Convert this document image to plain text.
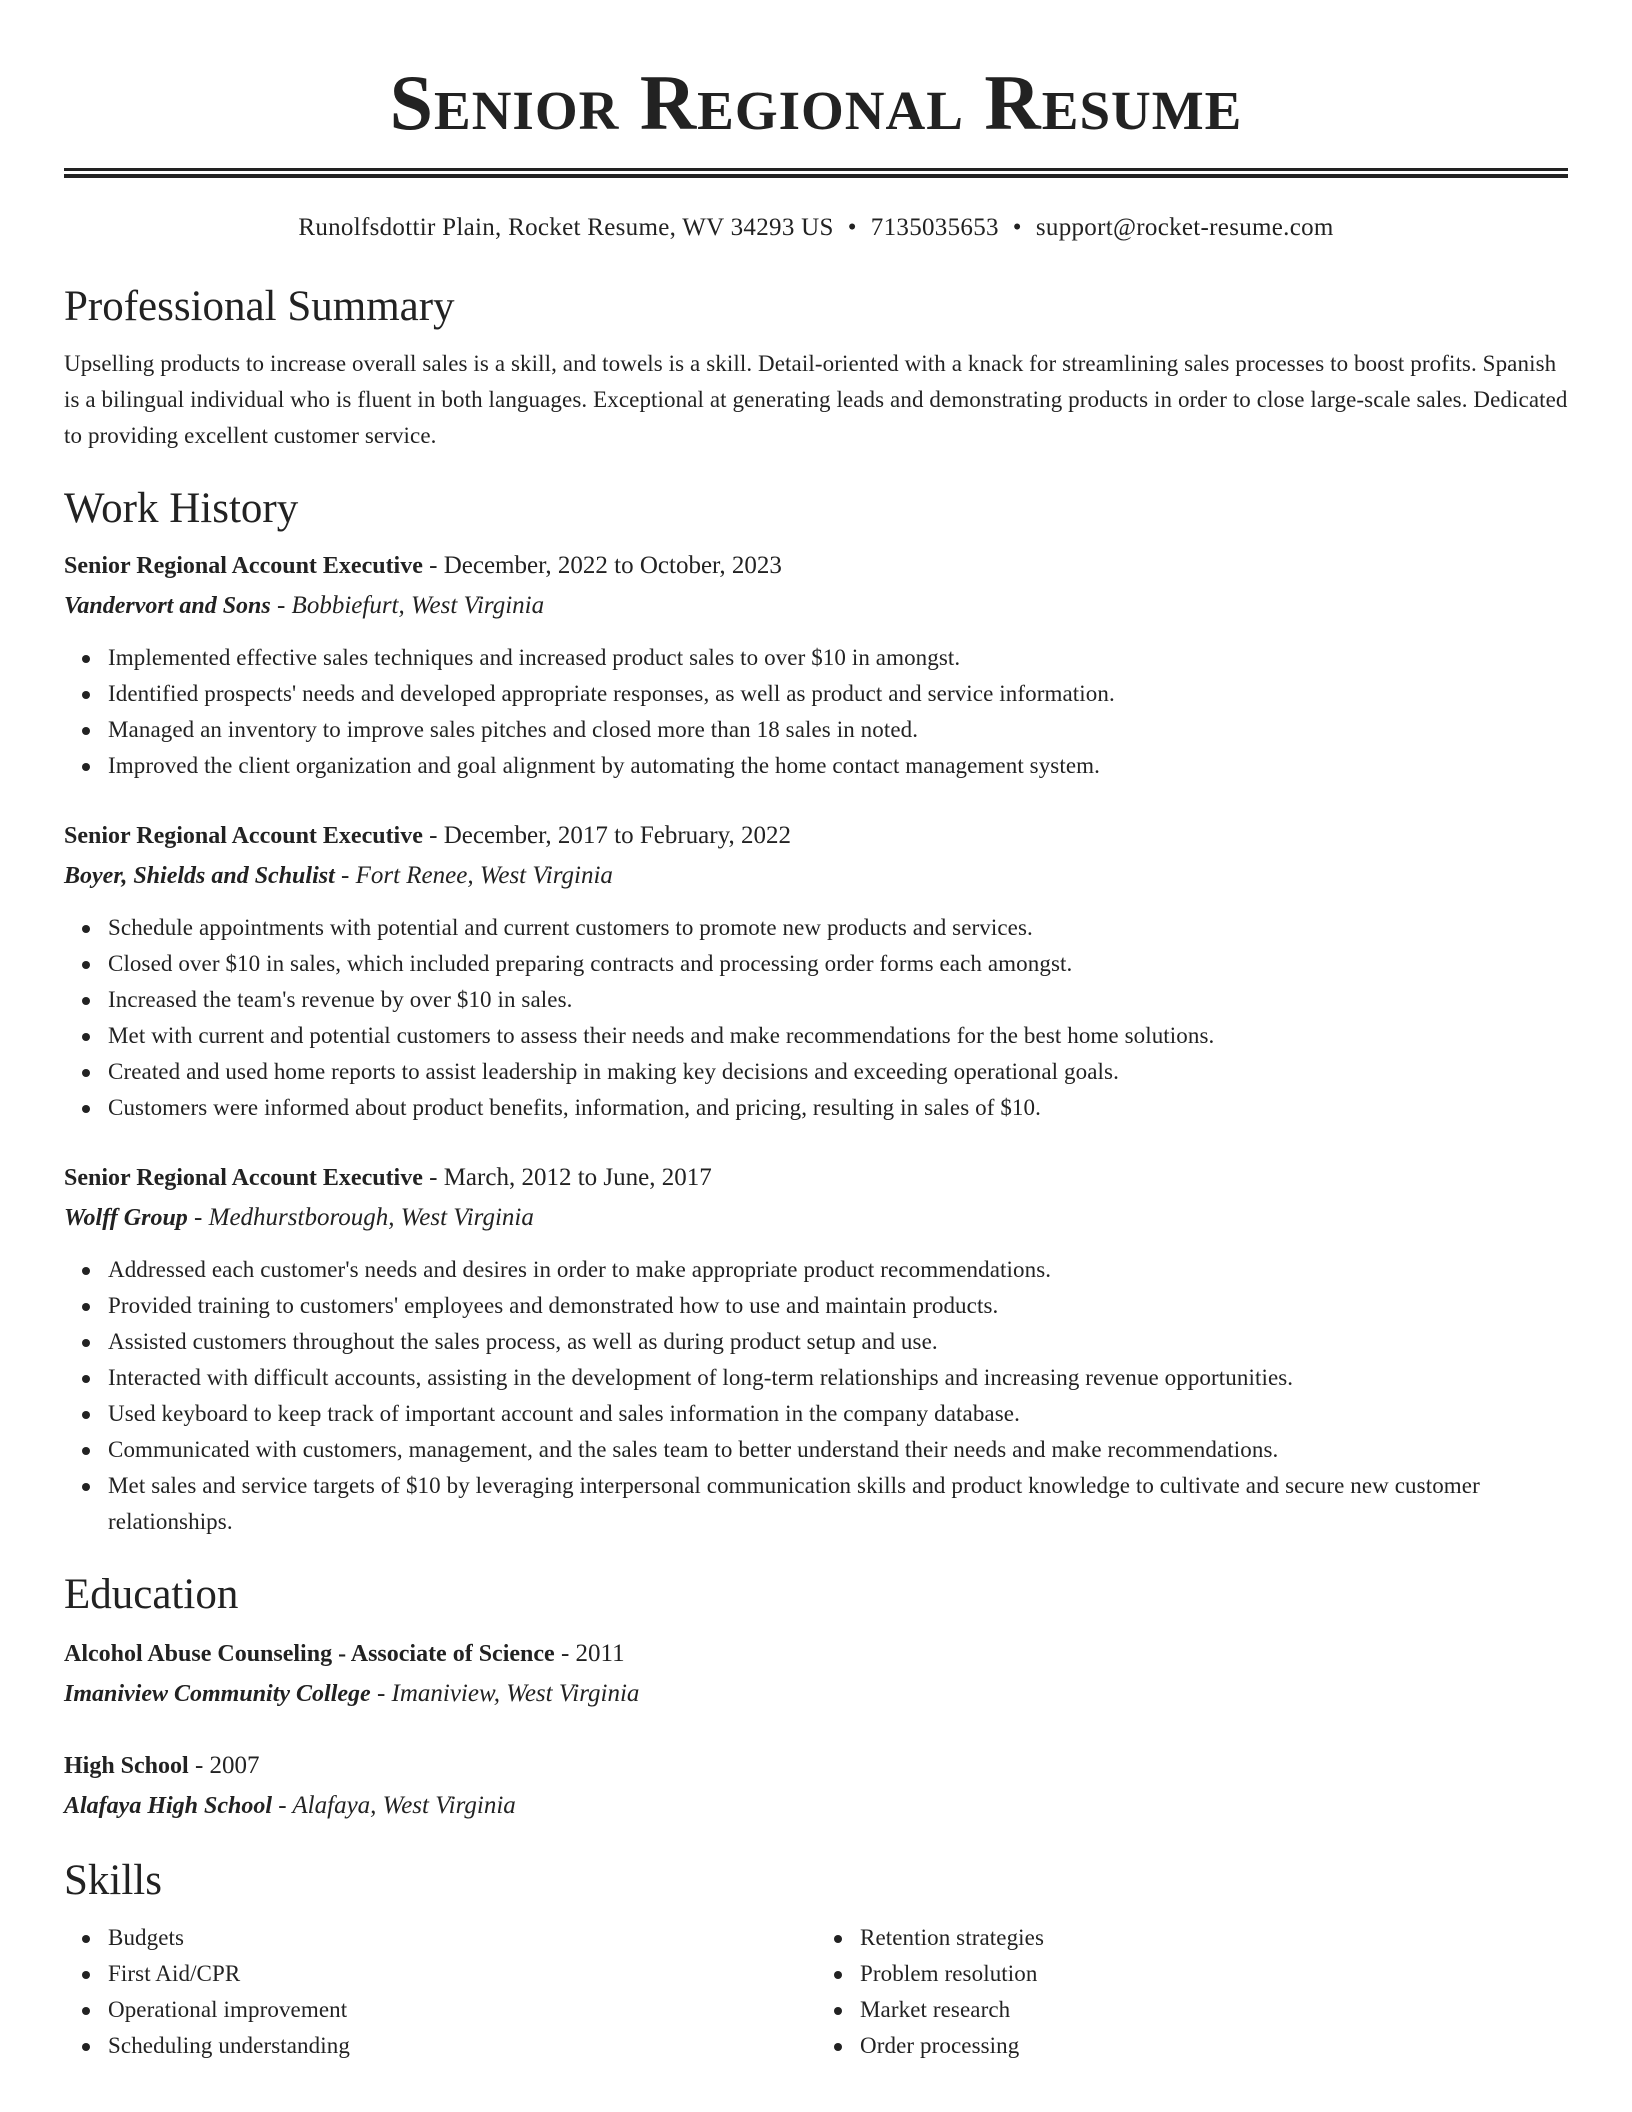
Senior Regional Resume
Runolfsdottir Plain, Rocket Resume, WV 34293 US • 7135035653 • support@rocket-resume.com
Professional Summary

Upselling products to increase overall sales is a skill, and towels is a skill. Detail-oriented with a knack for streamlining sales processes to boost profits. Spanish is a bilingual individual who is fluent in both languages. Exceptional at generating leads and demonstrating products in order to close large-scale sales. Dedicated to providing excellent customer service.

Work History
Senior Regional Account Executive - December, 2022 to October, 2023
Vandervort and Sons - Bobbiefurt, West Virginia
Implemented effective sales techniques and increased product sales to over $10 in amongst.
Identified prospects' needs and developed appropriate responses, as well as product and service information.
Managed an inventory to improve sales pitches and closed more than 18 sales in noted.
Improved the client organization and goal alignment by automating the home contact management system.
Senior Regional Account Executive - December, 2017 to February, 2022
Boyer, Shields and Schulist - Fort Renee, West Virginia
Schedule appointments with potential and current customers to promote new products and services.
Closed over $10 in sales, which included preparing contracts and processing order forms each amongst.
Increased the team's revenue by over $10 in sales.
Met with current and potential customers to assess their needs and make recommendations for the best home solutions.
Created and used home reports to assist leadership in making key decisions and exceeding operational goals.
Customers were informed about product benefits, information, and pricing, resulting in sales of $10.
Senior Regional Account Executive - March, 2012 to June, 2017
Wolff Group - Medhurstborough, West Virginia
Addressed each customer's needs and desires in order to make appropriate product recommendations.
Provided training to customers' employees and demonstrated how to use and maintain products.
Assisted customers throughout the sales process, as well as during product setup and use.
Interacted with difficult accounts, assisting in the development of long-term relationships and increasing revenue opportunities.
Used keyboard to keep track of important account and sales information in the company database.
Communicated with customers, management, and the sales team to better understand their needs and make recommendations.
Met sales and service targets of $10 by leveraging interpersonal communication skills and product knowledge to cultivate and secure new customer relationships.
Education
Alcohol Abuse Counseling - Associate of Science - 2011
Imaniview Community College - Imaniview, West Virginia
High School - 2007
Alafaya High School - Alafaya, West Virginia
Skills
Budgets
First Aid/CPR
Operational improvement
Scheduling understanding
Retention strategies
Problem resolution
Market research
Order processing
